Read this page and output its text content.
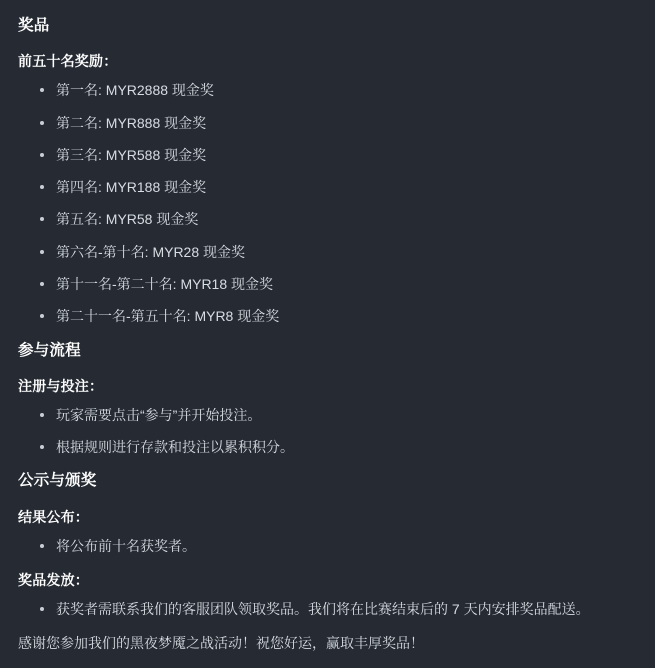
奖品
前五十名奖励：
第一名: MYR2888 现金奖
第二名: MYR888 现金奖
第三名: MYR588 现金奖
第四名: MYR188 现金奖
第五名: MYR58 现金奖
第六名-第十名: MYR28 现金奖
第十一名-第二十名: MYR18 现金奖
第二十一名-第五十名: MYR8 现金奖
参与流程
注册与投注：
玩家需要点击“参与”并开始投注。
根据规则进行存款和投注以累积积分。
公示与颁奖
结果公布：
将公布前十名获奖者。
奖品发放：
获奖者需联系我们的客服团队领取奖品。我们将在比赛结束后的 7 天内安排奖品配送。

感谢您参加我们的黑夜梦魇之战活动！祝您好运，赢取丰厚奖品！
